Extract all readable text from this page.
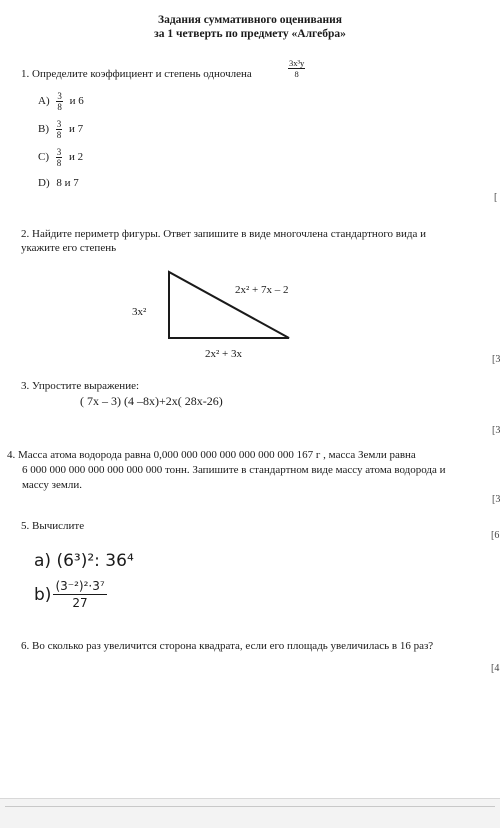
Задания суммативного оценивания
за 1 четверть по предмету «Алгебра»
1. Определите коэффициент и степень одночлена	$\frac{\text{3x³y}}{8}$
$A) \frac{3}{8}$ и 6
$B) \frac{3}{8}$ и 7
$C) \frac{3}{8}$ и 2
D) 8 и 7
2. Найдите периметр фигуры. Ответ запишите в виде многочлена стандартного вида и
укажите его степень
3x²
2x² + 7x – 2
2x² + 3x
3. Упростите выражение:
( 7x – 3) (4 –8x)+2x( 28x-26)
4. Масса атома водорода равна 0,000 000 000 000 000 000 000 167 г , масса Земли равна
6 000 000 000 000 000 000 000 тонн. Запишите в стандартном виде массу атома водорода и
массу земли.
5. Вычислите
a) (6³)²: 36⁴
$b) \frac{\text{(3⁻²)²·3⁷}}{27}$
6. Во сколько раз увеличится сторона квадрата, если его площадь увеличилась в 16 раз?
[
[3
[3
[3
[6
[4
